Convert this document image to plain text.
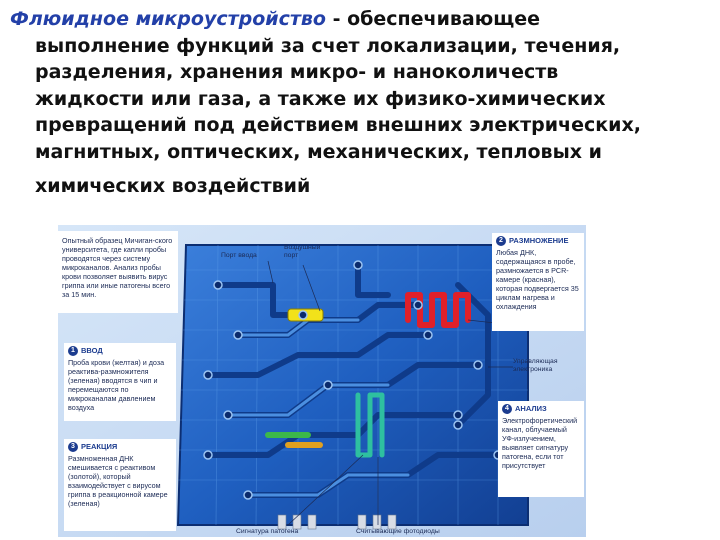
Флюидное микроустройство - обеспечивающее
выполнение функций за счет локализации, течения,
разделения, хранения микро- и наноколичеств
жидкости или газа, а также их физико-химических
превращений под действием внешних электрических,
магнитных, оптических, механических, тепловых и
химических воздействий
Опытный образец Мичиган-ского университета, где капли пробы проводятся через систему микроканалов. Анализ пробы крови позволяет выявить вирус гриппа или иные патогены всего за 15 мин.
Порт ввода
Воздушный порт
Управляющая электроника
Сигнатура патогена	Считывающие фотодиоды
1 ВВОД
Проба крови (желтая) и доза реактива-размножителя (зеленая) вводятся в чип и перемещаются по микроканалам давлением воздуха
2 РАЗМНОЖЕНИЕ
Любая ДНК, содержащаяся в пробе, размножается в PCR-камере (красная), которая подвергается 35 циклам нагрева и охлаждения
3 РЕАКЦИЯ
Размноженная ДНК смешивается с реактивом (золотой), который взаимодействует с вирусом гриппа в реакционной камере (зеленая)
4 АНАЛИЗ
Электрофоретический канал, облучаемый УФ-излучением, выявляет сигнатуру патогена, если тот присутствует
